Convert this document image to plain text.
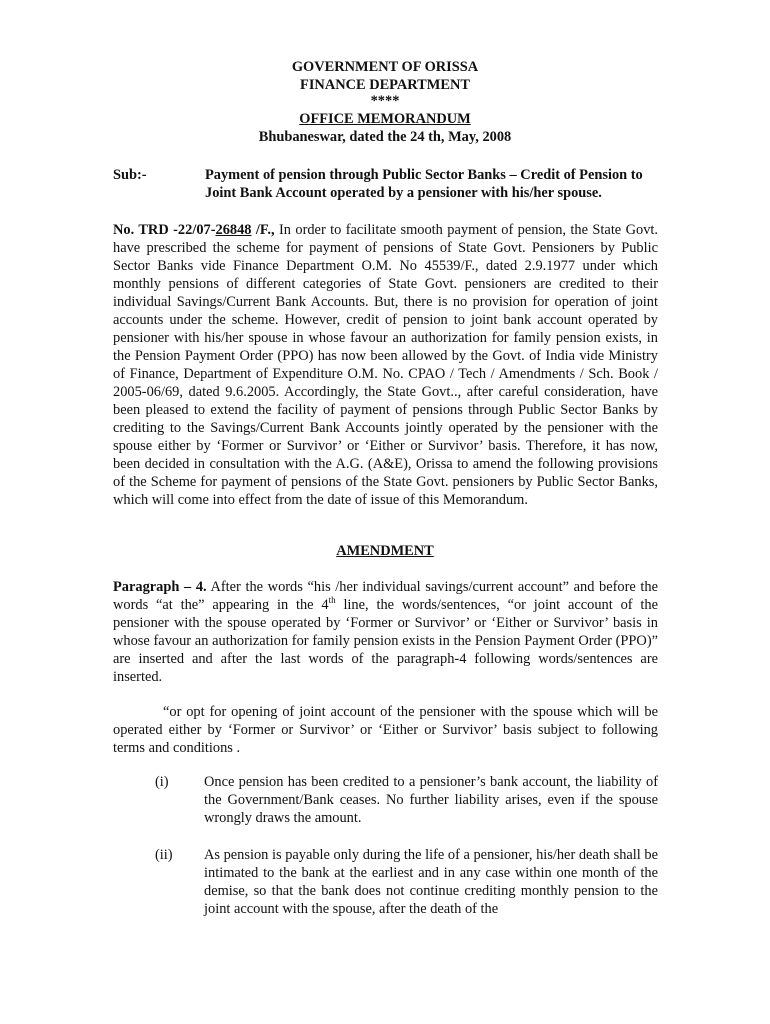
GOVERNMENT OF ORISSA
FINANCE DEPARTMENT
****
OFFICE MEMORANDUM
Bhubaneswar, dated the 24 th, May, 2008
Sub:-	Payment of pension through Public Sector Banks – Credit of Pension to Joint Bank Account operated by a pensioner with his/her spouse.
No. TRD -22/07-26848 /F., In order to facilitate smooth payment of pension, the State Govt. have prescribed the scheme for payment of pensions of State Govt. Pensioners by Public Sector Banks vide Finance Department O.M. No 45539/F., dated 2.9.1977 under which monthly pensions of different categories of State Govt. pensioners are credited to their individual Savings/Current Bank Accounts. But, there is no provision for operation of joint accounts under the scheme. However, credit of pension to joint bank account operated by pensioner with his/her spouse in whose favour an authorization for family pension exists, in the Pension Payment Order (PPO) has now been allowed by the Govt. of India vide Ministry of Finance, Department of Expenditure O.M. No. CPAO / Tech / Amendments / Sch. Book / 2005-06/69, dated 9.6.2005. Accordingly, the State Govt.., after careful consideration, have been pleased to extend the facility of payment of pensions through Public Sector Banks by crediting to the Savings/Current Bank Accounts jointly operated by the pensioner with the spouse either by ‘Former or Survivor’ or ‘Either or Survivor’ basis. Therefore, it has now, been decided in consultation with the A.G. (A&E), Orissa to amend the following provisions of the Scheme for payment of pensions of the State Govt. pensioners by Public Sector Banks, which will come into effect from the date of issue of this Memorandum.
AMENDMENT
Paragraph – 4. After the words “his /her individual savings/current account” and before the words “at the” appearing in the 4th line, the words/sentences, “or joint account of the pensioner with the spouse operated by ‘Former or Survivor’ or ‘Either or Survivor’ basis in whose favour an authorization for family pension exists in the Pension Payment Order (PPO)” are inserted and after the last words of the paragraph-4 following words/sentences are inserted.
“or opt for opening of joint account of the pensioner with the spouse which will be operated either by ‘Former or Survivor’ or ‘Either or Survivor’ basis subject to following terms and conditions .
(i) Once pension has been credited to a pensioner’s bank account, the liability of the Government/Bank ceases. No further liability arises, even if the spouse wrongly draws the amount.
(ii) As pension is payable only during the life of a pensioner, his/her death shall be intimated to the bank at the earliest and in any case within one month of the demise, so that the bank does not continue crediting monthly pension to the joint account with the spouse, after the death of the
